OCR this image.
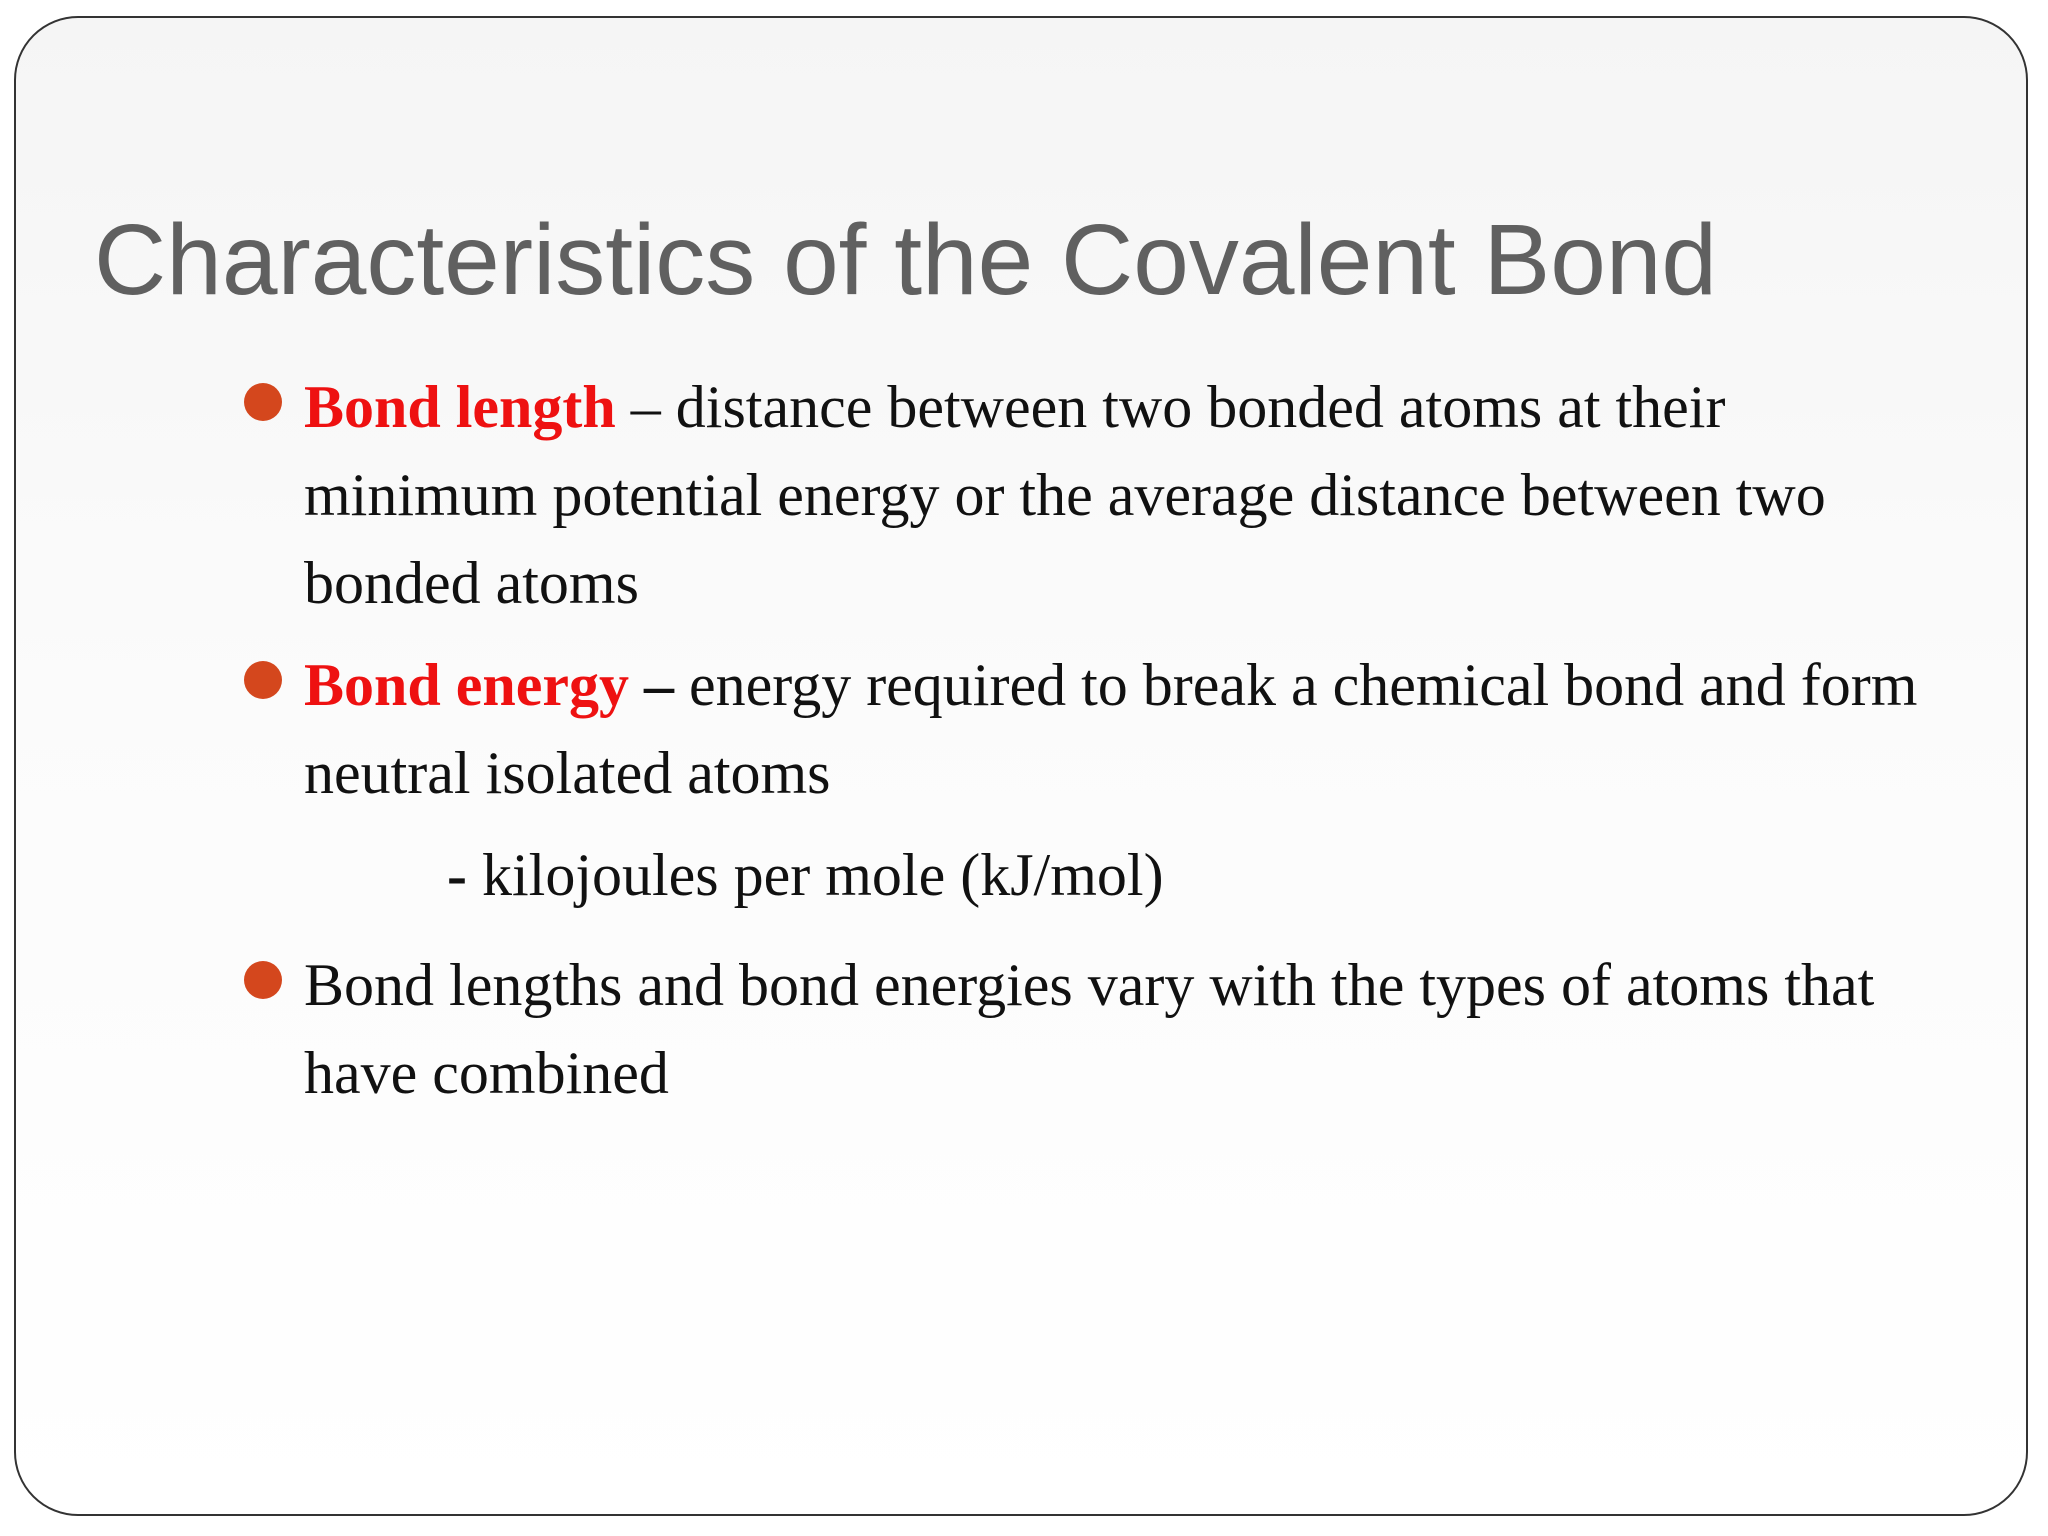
Characteristics of the Covalent Bond
Bond length – distance between two bonded atoms at their minimum potential energy or the average distance between two bonded atoms
Bond energy – energy required to break a chemical bond and form neutral isolated atoms
- kilojoules per mole (kJ/mol)
Bond lengths and bond energies vary with the types of atoms that have combined
